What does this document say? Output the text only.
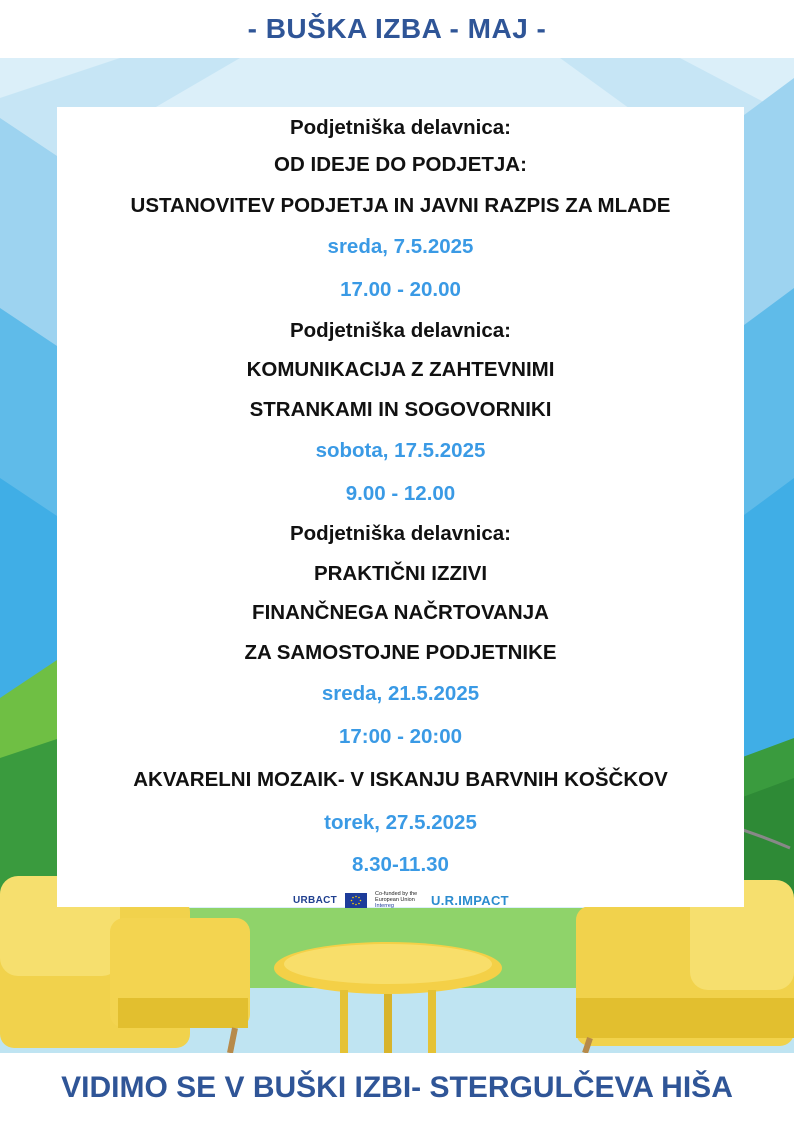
- BUŠKA IZBA - MAJ -
Podjetniška delavnica:
OD IDEJE DO PODJETJA:
USTANOVITEV PODJETJA IN JAVNI RAZPIS ZA MLADE
sreda, 7.5.2025
17.00 - 20.00
Podjetniška delavnica:
KOMUNIKACIJA Z ZAHTEVNIMI
STRANKAMI IN SOGOVORNIKI
sobota, 17.5.2025
9.00 - 12.00
Podjetniška delavnica:
PRAKTIČNI IZZIVI
FINANČNEGA NAČRTOVANJA
ZA SAMOSTOJNE PODJETNIKE
sreda, 21.5.2025
17:00 - 20:00
AKVARELNI MOZAIK- V ISKANJU BARVNIH KOŠČKOV
torek, 27.5.2025
8.30-11.30
URBACT
Co-funded by the European Union
Interreg	U.R.IMPACT
VIDIMO SE V BUŠKI IZBI- STERGULČEVA HIŠA
